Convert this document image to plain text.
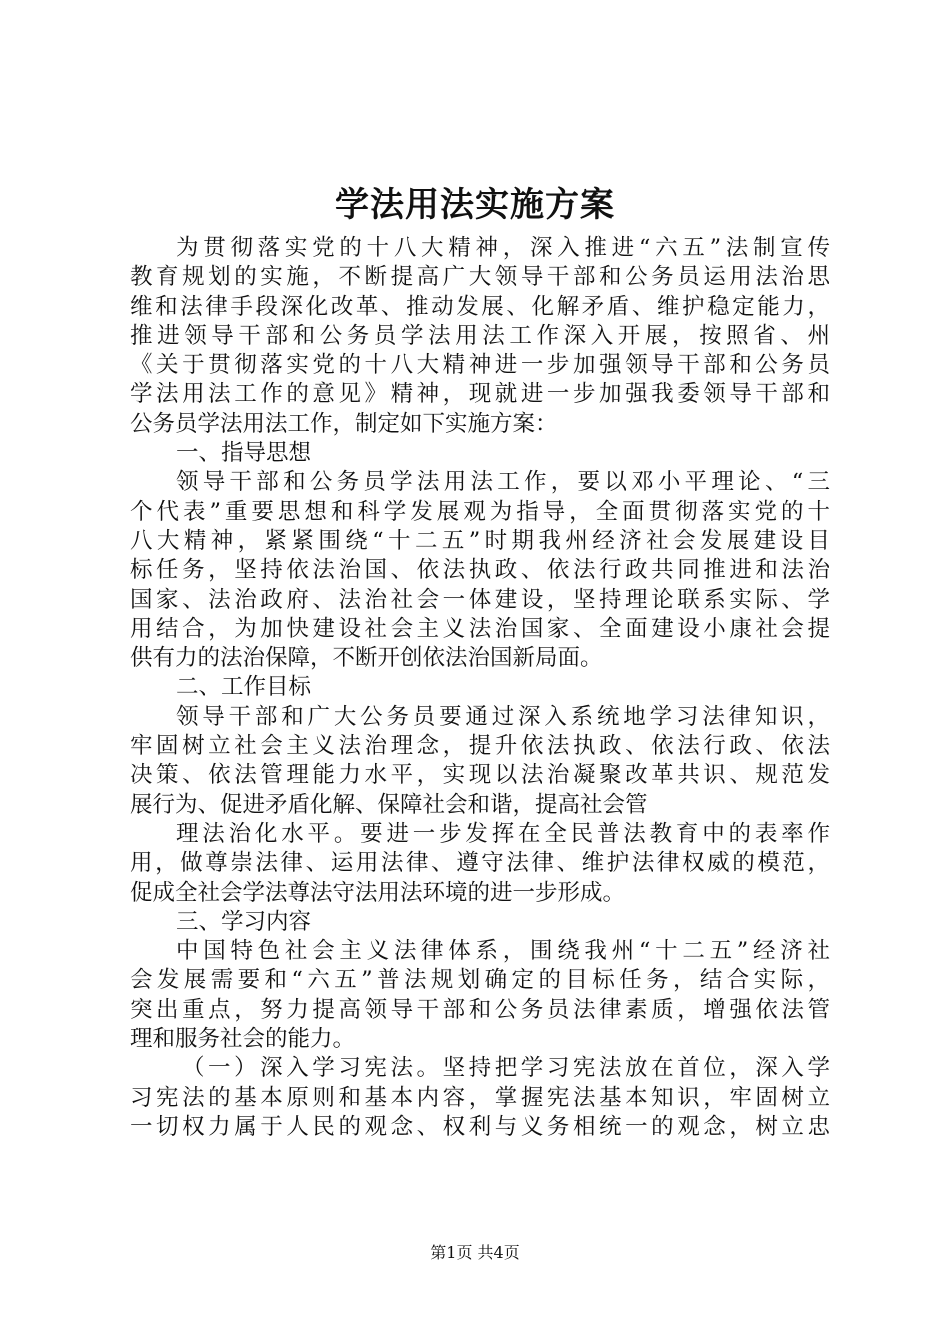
学法用法实施方案
为贯彻落实党的十八大精神，深入推进“六五”法制宣传
教育规划的实施，不断提高广大领导干部和公务员运用法治思
维和法律手段深化改革、推动发展、化解矛盾、维护稳定能力，
推进领导干部和公务员学法用法工作深入开展，按照省、州
《关于贯彻落实党的十八大精神进一步加强领导干部和公务员
学法用法工作的意见》精神，现就进一步加强我委领导干部和
公务员学法用法工作，制定如下实施方案：
一、指导思想
领导干部和公务员学法用法工作，要以邓小平理论、“三
个代表”重要思想和科学发展观为指导，全面贯彻落实党的十
八大精神，紧紧围绕“十二五”时期我州经济社会发展建设目
标任务，坚持依法治国、依法执政、依法行政共同推进和法治
国家、法治政府、法治社会一体建设，坚持理论联系实际、学
用结合，为加快建设社会主义法治国家、全面建设小康社会提
供有力的法治保障，不断开创依法治国新局面。
二、工作目标
领导干部和广大公务员要通过深入系统地学习法律知识，
牢固树立社会主义法治理念，提升依法执政、依法行政、依法
决策、依法管理能力水平，实现以法治凝聚改革共识、规范发
展行为、促进矛盾化解、保障社会和谐，提高社会管
理法治化水平。要进一步发挥在全民普法教育中的表率作
用，做尊崇法律、运用法律、遵守法律、维护法律权威的模范，
促成全社会学法尊法守法用法环境的进一步形成。
三、学习内容
中国特色社会主义法律体系，围绕我州“十二五”经济社
会发展需要和“六五”普法规划确定的目标任务，结合实际，
突出重点，努力提高领导干部和公务员法律素质，增强依法管
理和服务社会的能力。
（一）深入学习宪法。坚持把学习宪法放在首位，深入学
习宪法的基本原则和基本内容，掌握宪法基本知识，牢固树立
一切权力属于人民的观念、权利与义务相统一的观念，树立忠
第1页 共4页
